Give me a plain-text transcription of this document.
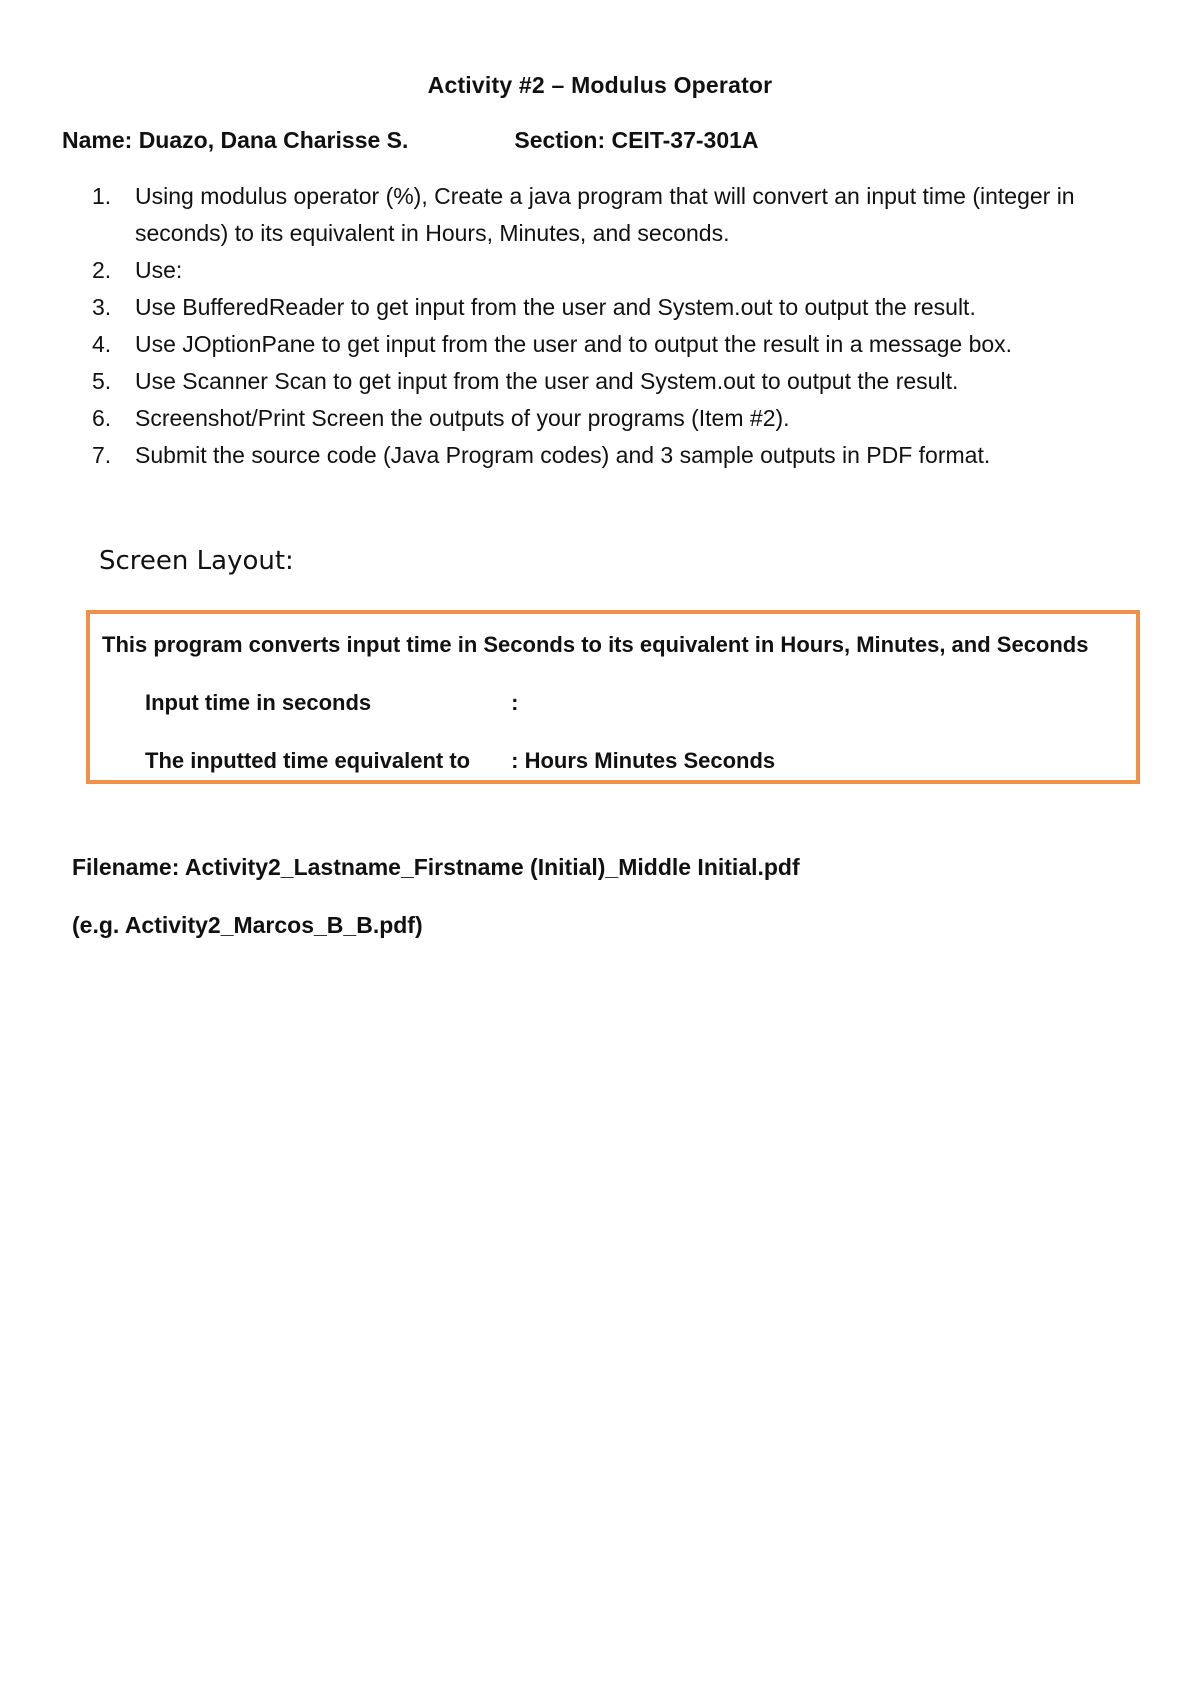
Activity #2 – Modulus Operator
Name: Duazo, Dana Charisse S.	Section: CEIT-37-301A
1. Using modulus operator (%), Create a java program that will convert an input time (integer in seconds) to its equivalent in Hours, Minutes, and seconds.
2. Use:
3. Use BufferedReader to get input from the user and System.out to output the result.
4. Use JOptionPane to get input from the user and to output the result in a message box.
5. Use Scanner Scan to get input from the user and System.out to output the result.
6. Screenshot/Print Screen the outputs of your programs (Item #2).
7. Submit the source code (Java Program codes) and 3 sample outputs in PDF format.
Screen Layout:
This program converts input time in Seconds to its equivalent in Hours, Minutes, and Seconds
Input time in seconds	:
The inputted time equivalent to : Hours Minutes Seconds
Filename: Activity2_Lastname_Firstname (Initial)_Middle Initial.pdf
(e.g. Activity2_Marcos_B_B.pdf)
